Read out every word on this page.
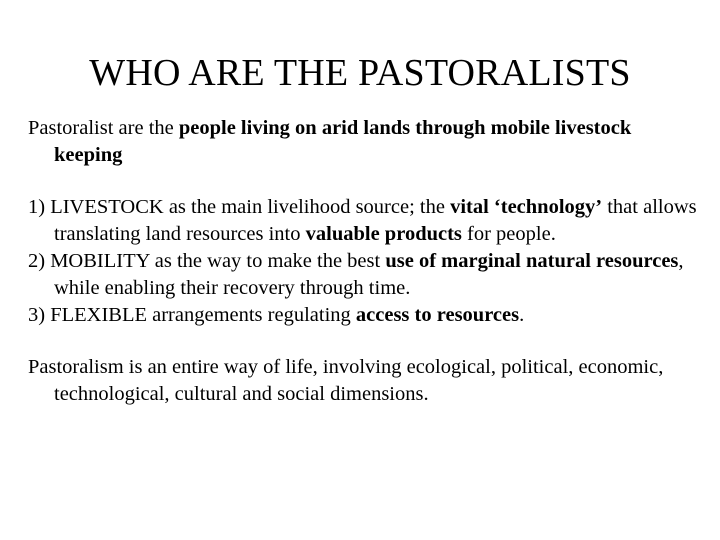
WHO ARE THE PASTORALISTS

Pastoralist are the people living on arid lands through mobile livestock keeping

1) LIVESTOCK as the main livelihood source; the vital ‘technology’ that allows translating land resources into valuable products for people.

2) MOBILITY as the way to make the best use of marginal natural resources, while enabling their recovery through time.

3) FLEXIBLE arrangements regulating access to resources.

Pastoralism is an entire way of life, involving ecological, political, economic, technological, cultural and social dimensions.
